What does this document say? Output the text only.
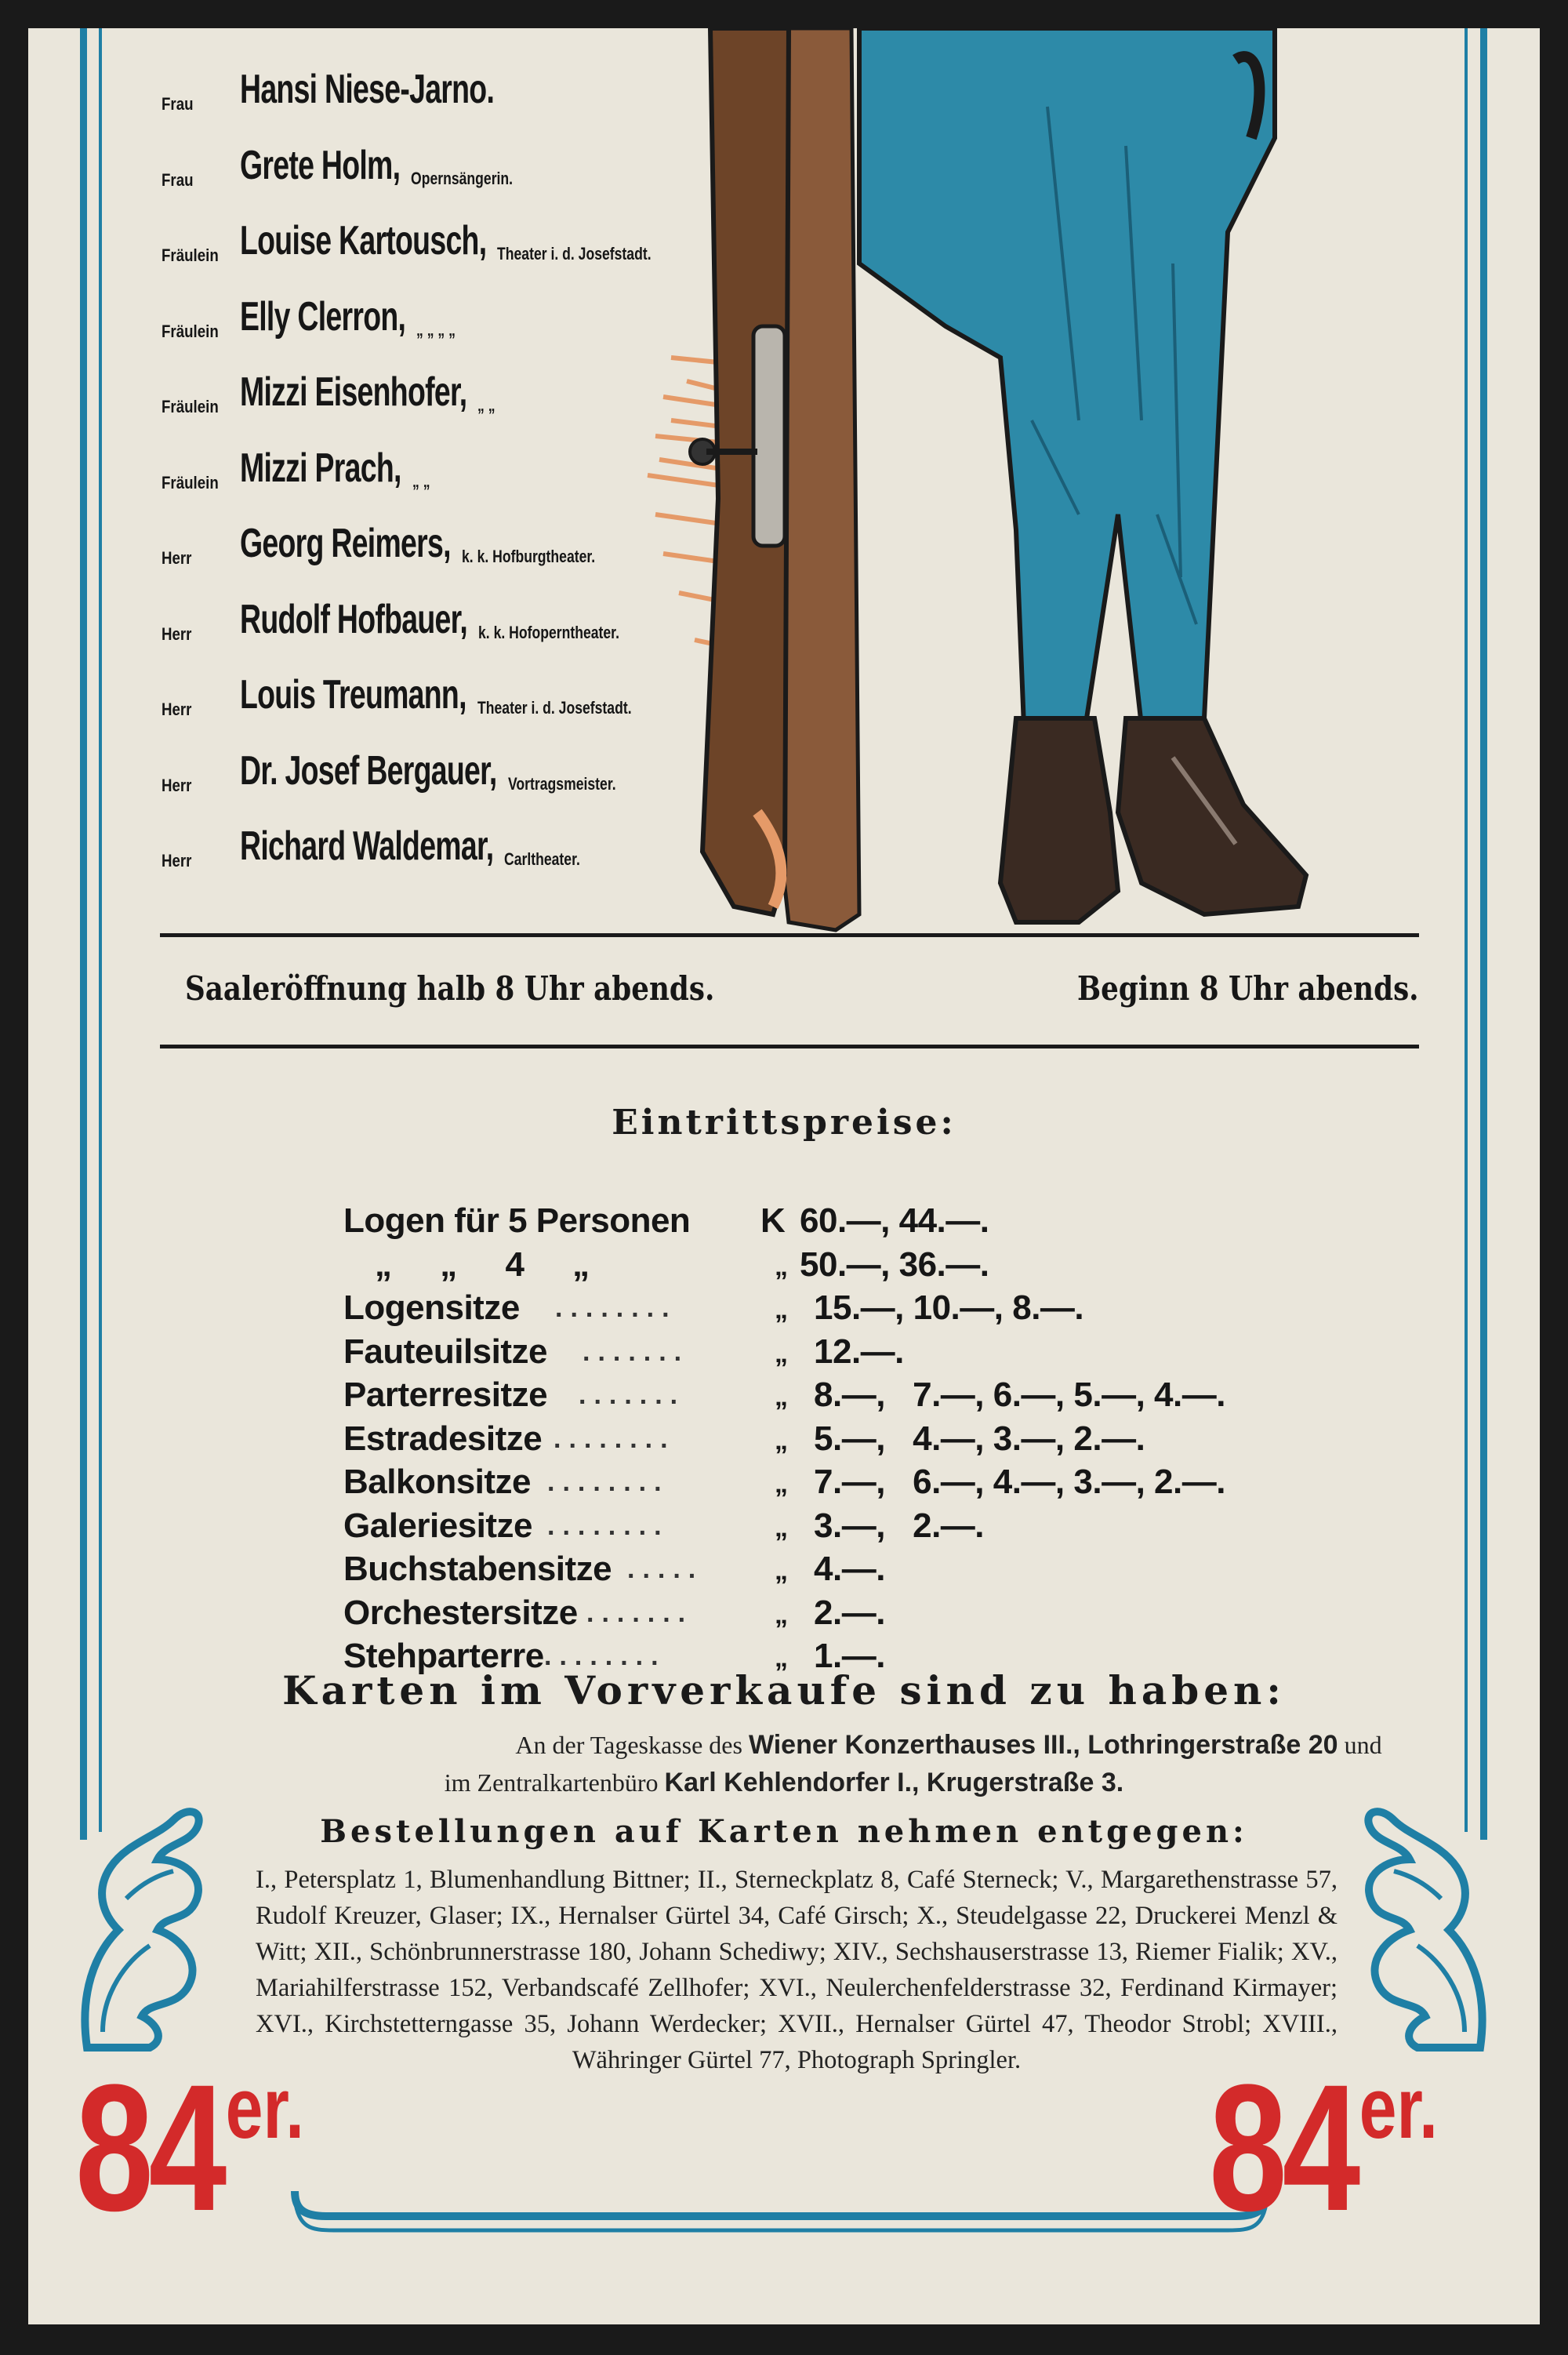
Frau Hansi Niese-Jarno.
Frau Grete Holm, Opernsängerin.
Fräulein Louise Kartousch, Theater i. d. Josefstadt.
Fräulein Elly Clerron, „ „ „ „
Fräulein Mizzi Eisenhofer, „ „
Fräulein Mizzi Prach, „ „
Herr Georg Reimers, k. k. Hofburgtheater.
Herr Rudolf Hofbauer, k. k. Hofoperntheater.
Herr Louis Treumann, Theater i. d. Josefstadt.
Herr Dr. Josef Bergauer, Vortragsmeister.
Herr Richard Waldemar, Carltheater.
Saaleröffnung halb 8 Uhr abends.	Beginn 8 Uhr abends.
Eintrittspreise:
Logen für 5 Personen K 60.—, 44.—.
„ „ 4 „	„ 50.—, 36.—.
Logensitze ........	„ 15.—, 10.—, 8.—.
Fauteuilsitze .......	„ 12.—.
Parterresitze .......	„ 8.—,   7.—, 6.—, 5.—, 4.—.
Estradesitze ........	„ 5.—,   4.—, 3.—, 2.—.
Balkonsitze ........	„ 7.—,   6.—, 4.—, 3.—, 2.—.
Galeriesitze ........	„ 3.—,   2.—.
Buchstabensitze .....	„ 4.—.
Orchestersitze .......	„ 2.—.
Stehparterre ........	„ 1.—.
Karten im Vorverkaufe sind zu haben:
An der Tageskasse des Wiener Konzerthauses III., Lothringerstraße 20 und
im Zentralkartenbüro Karl Kehlendorfer I., Krugerstraße 3.
Bestellungen auf Karten nehmen entgegen:
I., Petersplatz 1, Blumenhandlung Bittner; II., Sterneckplatz 8, Café Sterneck; V., Margarethenstrasse 57, Rudolf Kreuzer, Glaser; IX., Hernalser Gürtel 34, Café Girsch; X., Steudelgasse 22, Druckerei Menzl & Witt; XII., Schönbrunnerstrasse 180, Johann Schediwy; XIV., Sechshauserstrasse 13, Riemer Fialik; XV., Mariahilferstrasse 152, Verbandscafé Zellhofer; XVI., Neulerchenfelderstrasse 32, Ferdinand Kirmayer; XVI., Kirchstetterngasse 35, Johann Werdecker; XVII., Hernalser Gürtel 47, Theodor Strobl; XVIII., Währinger Gürtel 77, Photograph Springler.
84er.	84er.
